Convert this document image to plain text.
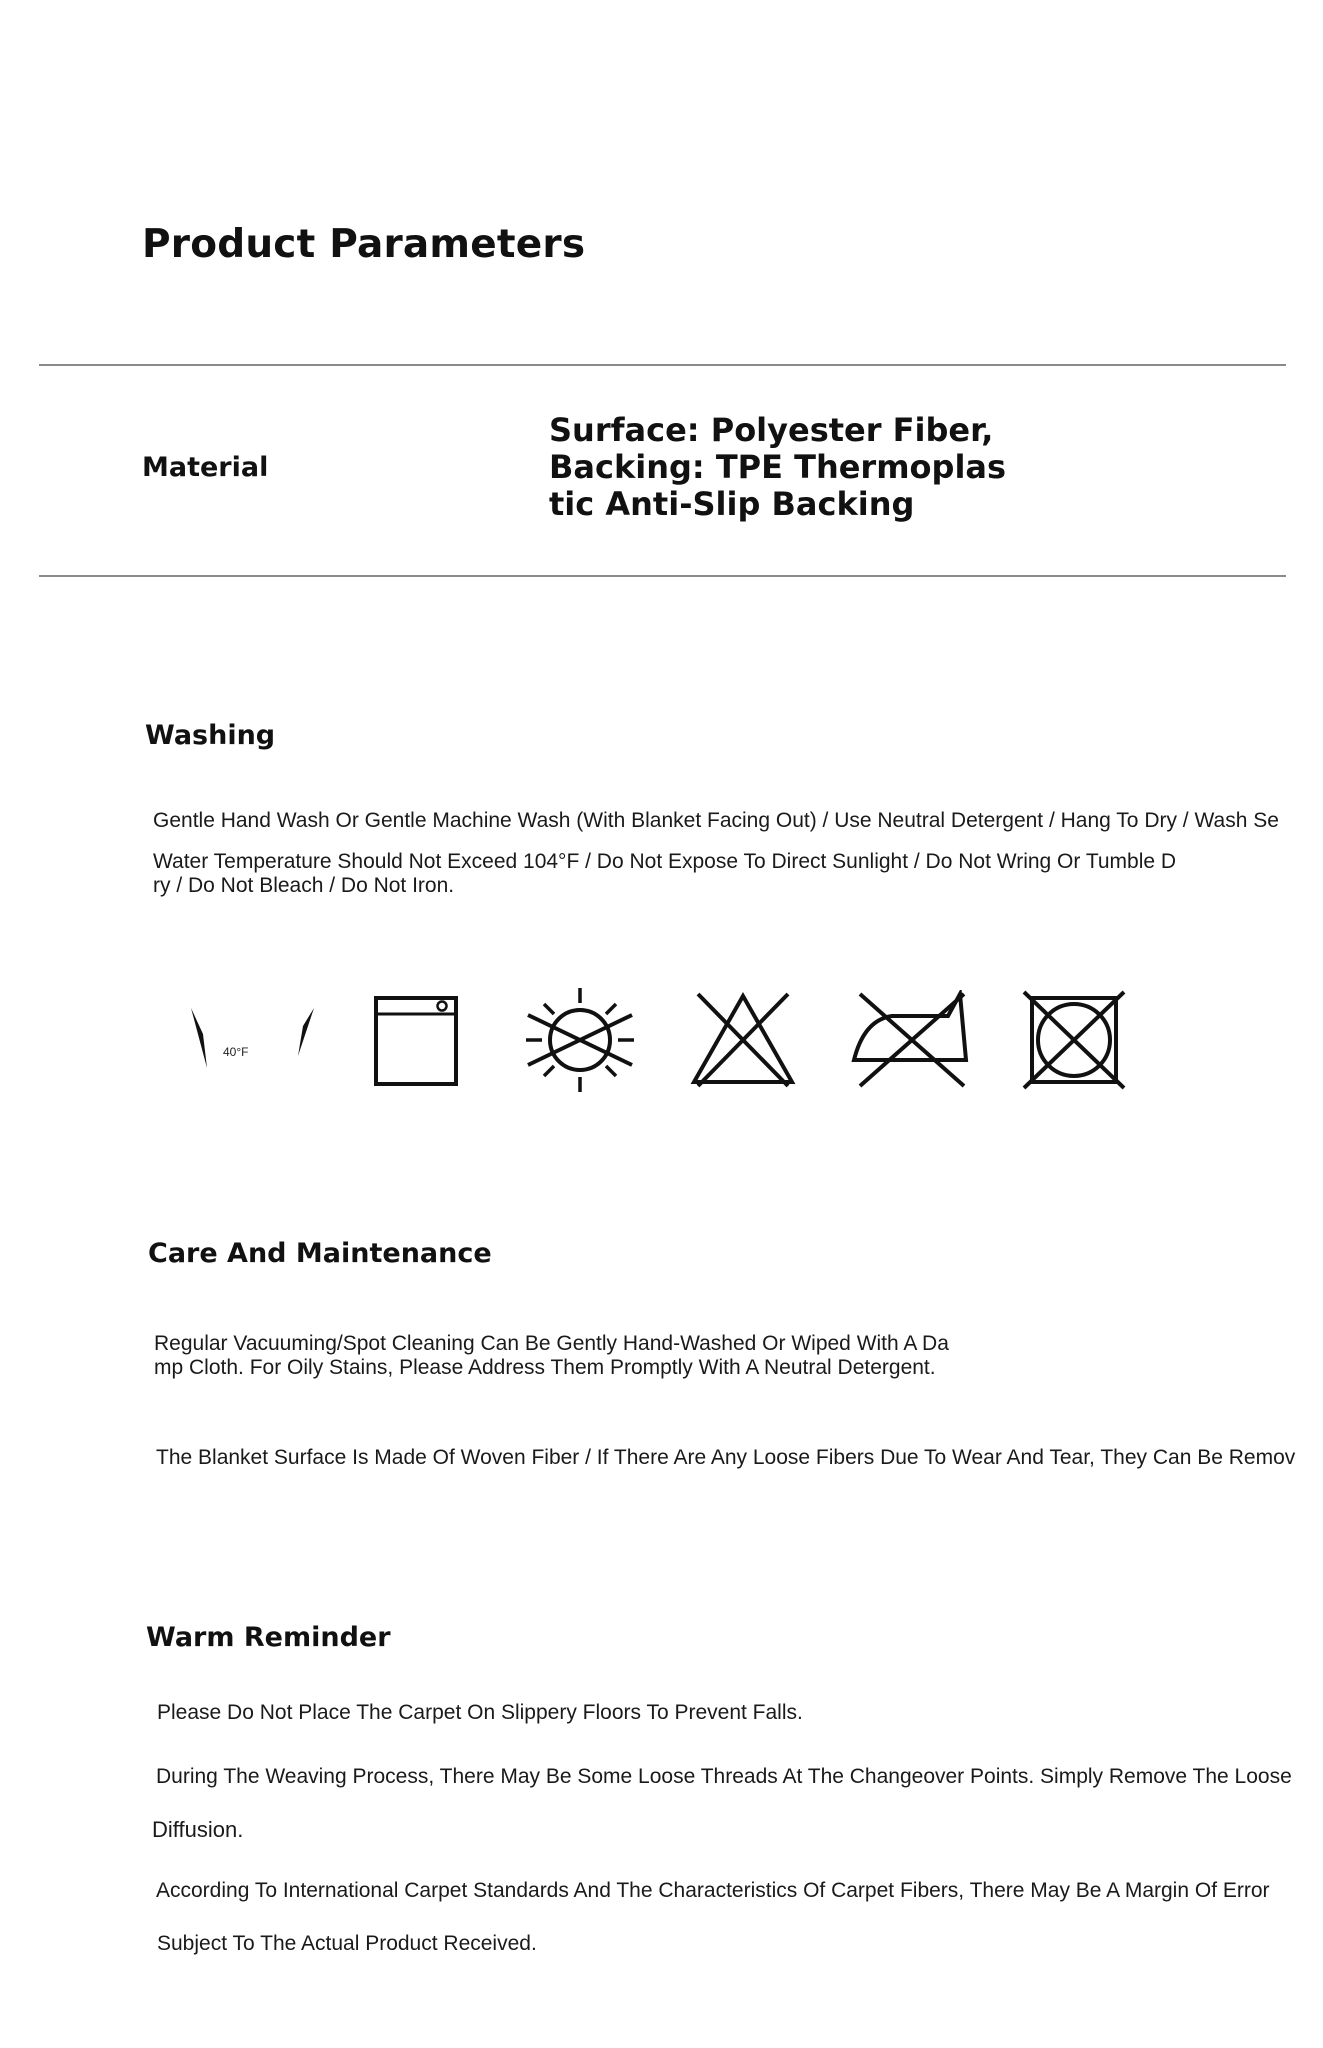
Product Parameters
Material
Surface: Polyester Fiber, Backing: TPE Thermoplastic Anti-Slip Backing
Washing
Gentle Hand Wash Or Gentle Machine Wash (With Blanket Facing Out) / Use Neutral Detergent / Hang To Dry / Wash Se
Water Temperature Should Not Exceed 104°F / Do Not Expose To Direct Sunlight / Do Not Wring Or Tumble Dry / Do Not Bleach / Do Not Iron.
40°F
Care And Maintenance
Regular Vacuuming/Spot Cleaning Can Be Gently Hand-Washed Or Wiped With A Damp Cloth. For Oily Stains, Please Address Them Promptly With A Neutral Detergent.
The Blanket Surface Is Made Of Woven Fiber / If There Are Any Loose Fibers Due To Wear And Tear, They Can Be Remov
Warm Reminder
Please Do Not Place The Carpet On Slippery Floors To Prevent Falls.
During The Weaving Process, There May Be Some Loose Threads At The Changeover Points. Simply Remove The Loose
Diffusion.
According To International Carpet Standards And The Characteristics Of Carpet Fibers, There May Be A Margin Of Error
Subject To The Actual Product Received.
